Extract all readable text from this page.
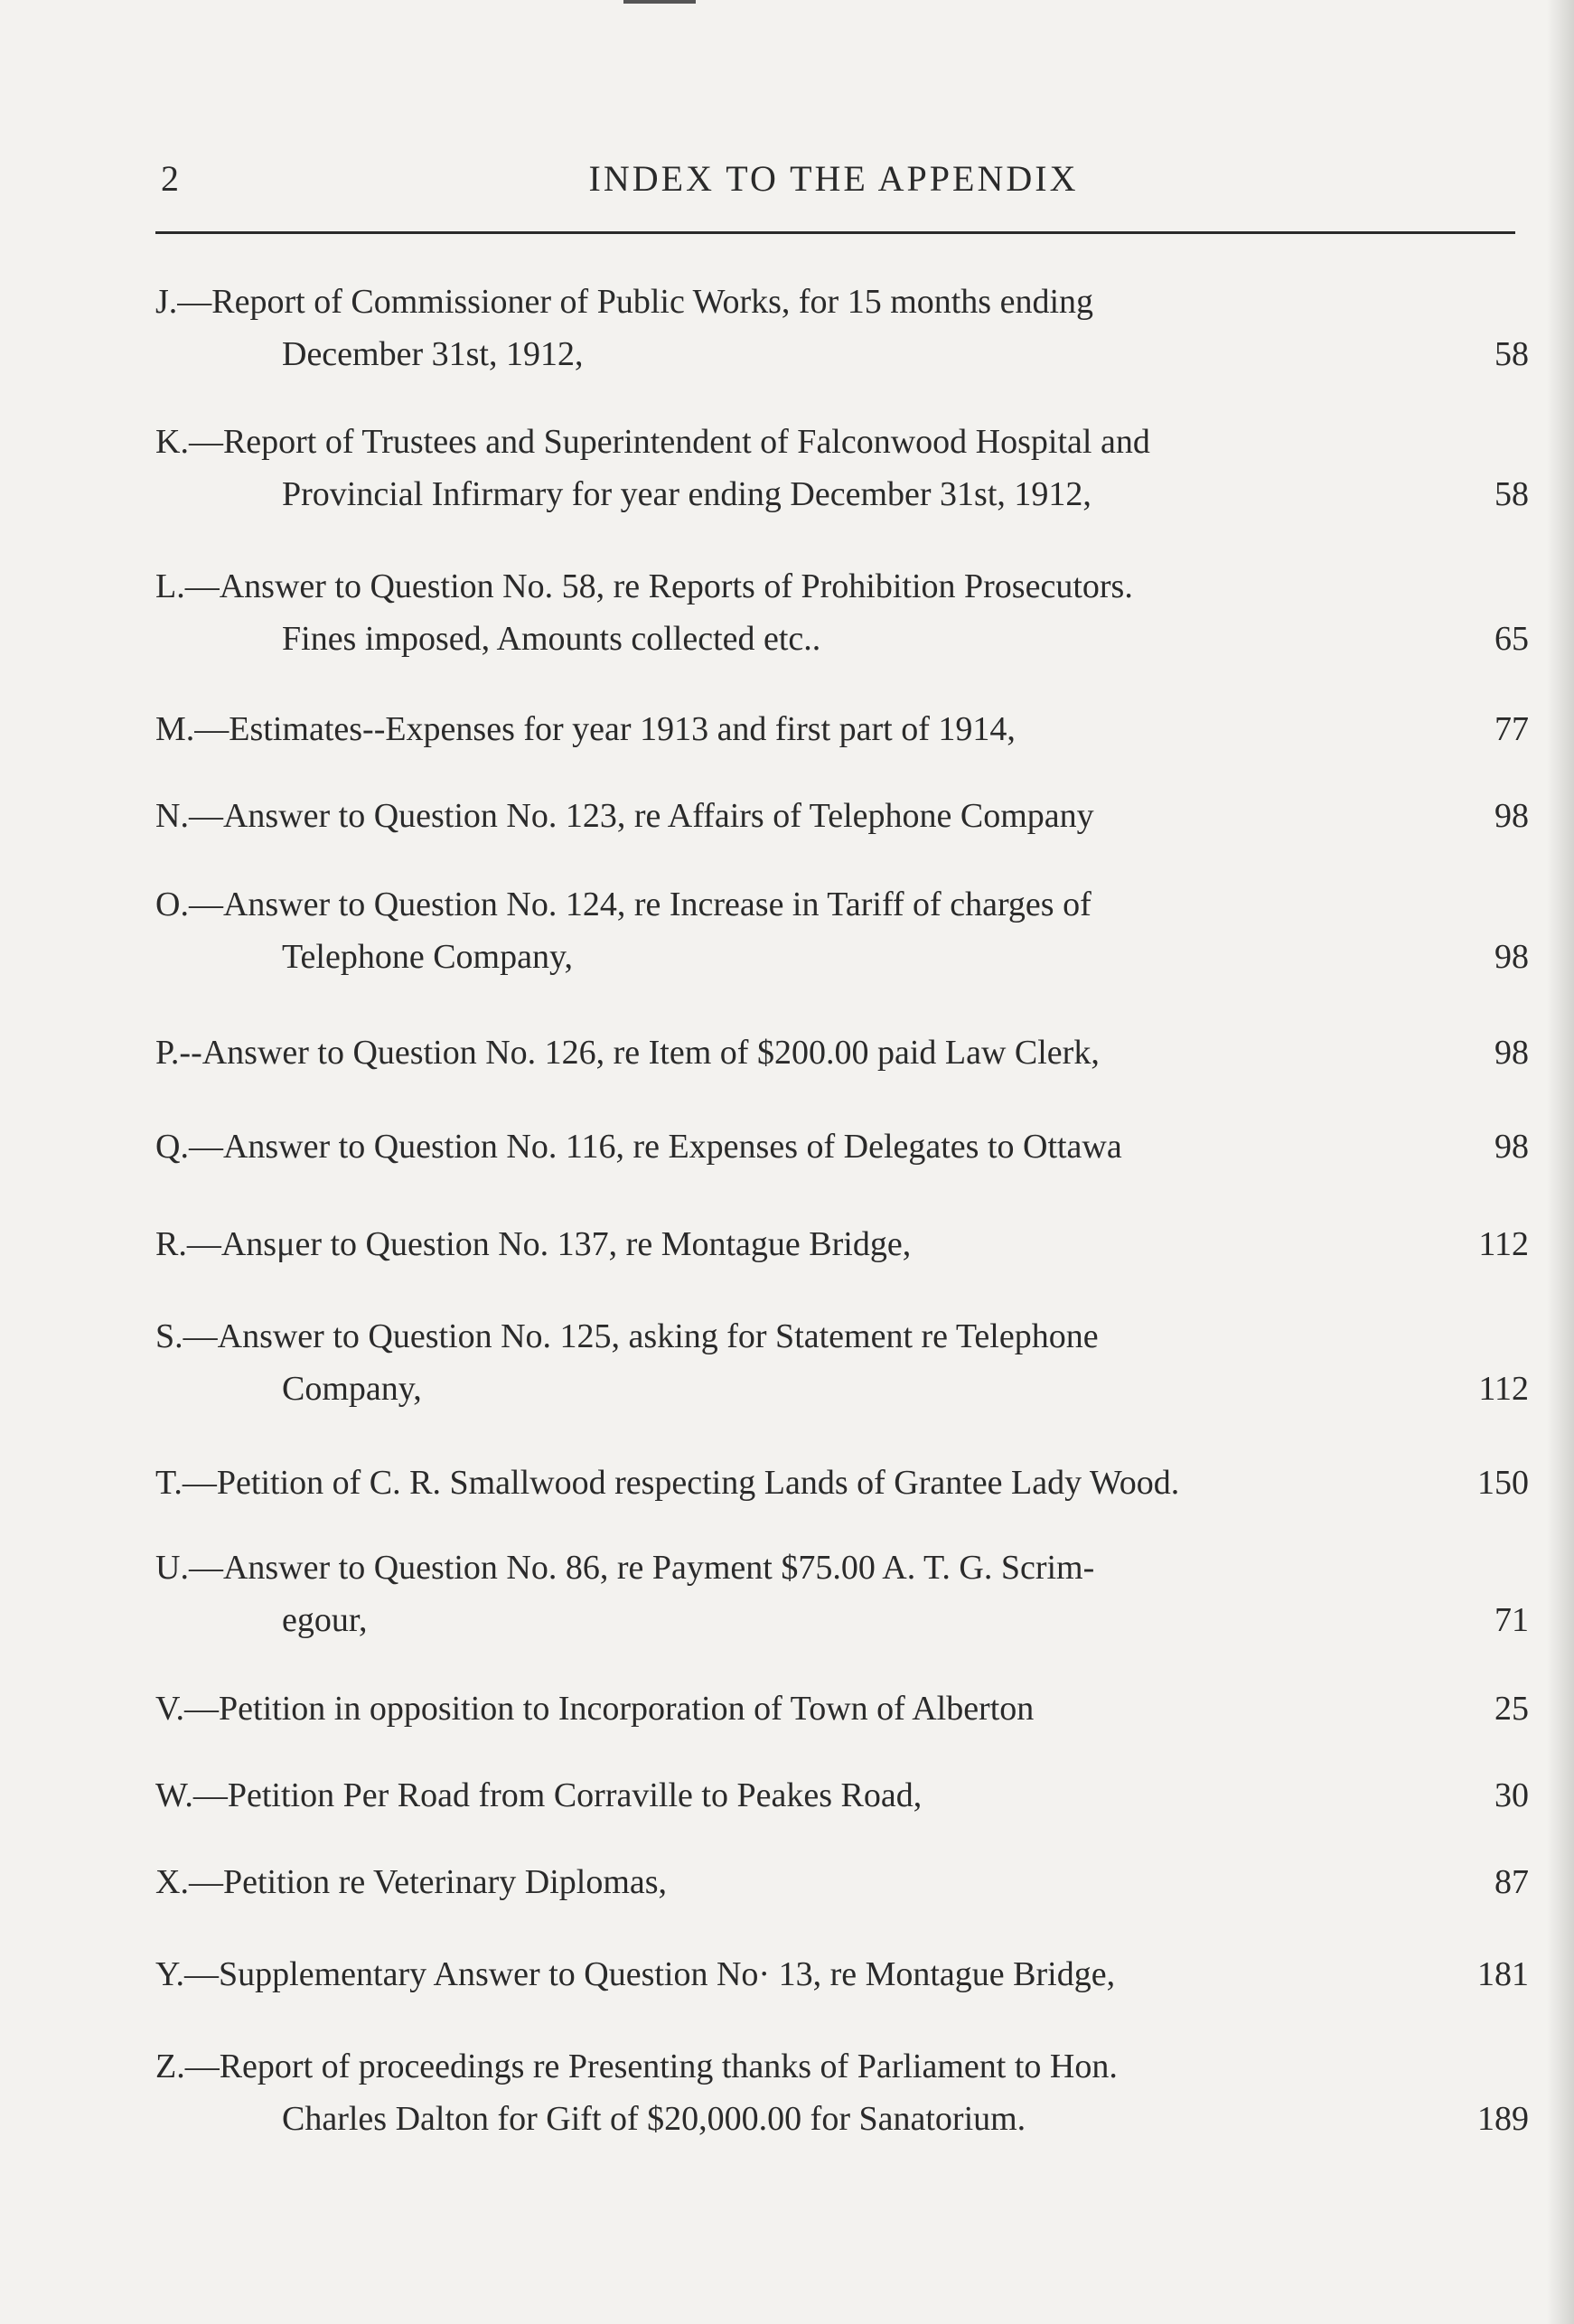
2	INDEX TO THE APPENDIX
J.—Report of Commissioner of Public Works, for 15 months ending
December 31st, 1912,	58
K.—Report of Trustees and Superintendent of Falconwood Hospital and
Provincial Infirmary for year ending December 31st, 1912,	58
L.—Answer to Question No. 58, re Reports of Prohibition Prosecutors.
Fines imposed, Amounts collected etc..	65
M.—Estimates--Expenses for year 1913 and first part of 1914,	77
N.—Answer to Question No. 123, re Affairs of Telephone Company	98
O.—Answer to Question No. 124, re Increase in Tariff of charges of
Telephone Company,	98
P.--Answer to Question No. 126, re Item of $200.00 paid Law Clerk,	98
Q.—Answer to Question No. 116, re Expenses of Delegates to Ottawa	98
R.—Ansμer to Question No. 137, re Montague Bridge,	112
S.—Answer to Question No. 125, asking for Statement re Telephone
Company,	112
T.—Petition of C. R. Smallwood respecting Lands of Grantee Lady Wood.	150
U.—Answer to Question No. 86, re Payment $75.00 A. T. G. Scrim-
egour,	71
V.—Petition in opposition to Incorporation of Town of Alberton	25
W.—Petition Per Road from Corraville to Peakes Road,	30
X.—Petition re Veterinary Diplomas,	87
Y.—Supplementary Answer to Question No· 13, re Montague Bridge,	181
Z.—Report of proceedings re Presenting thanks of Parliament to Hon.
Charles Dalton for Gift of $20,000.00 for Sanatorium.	189
